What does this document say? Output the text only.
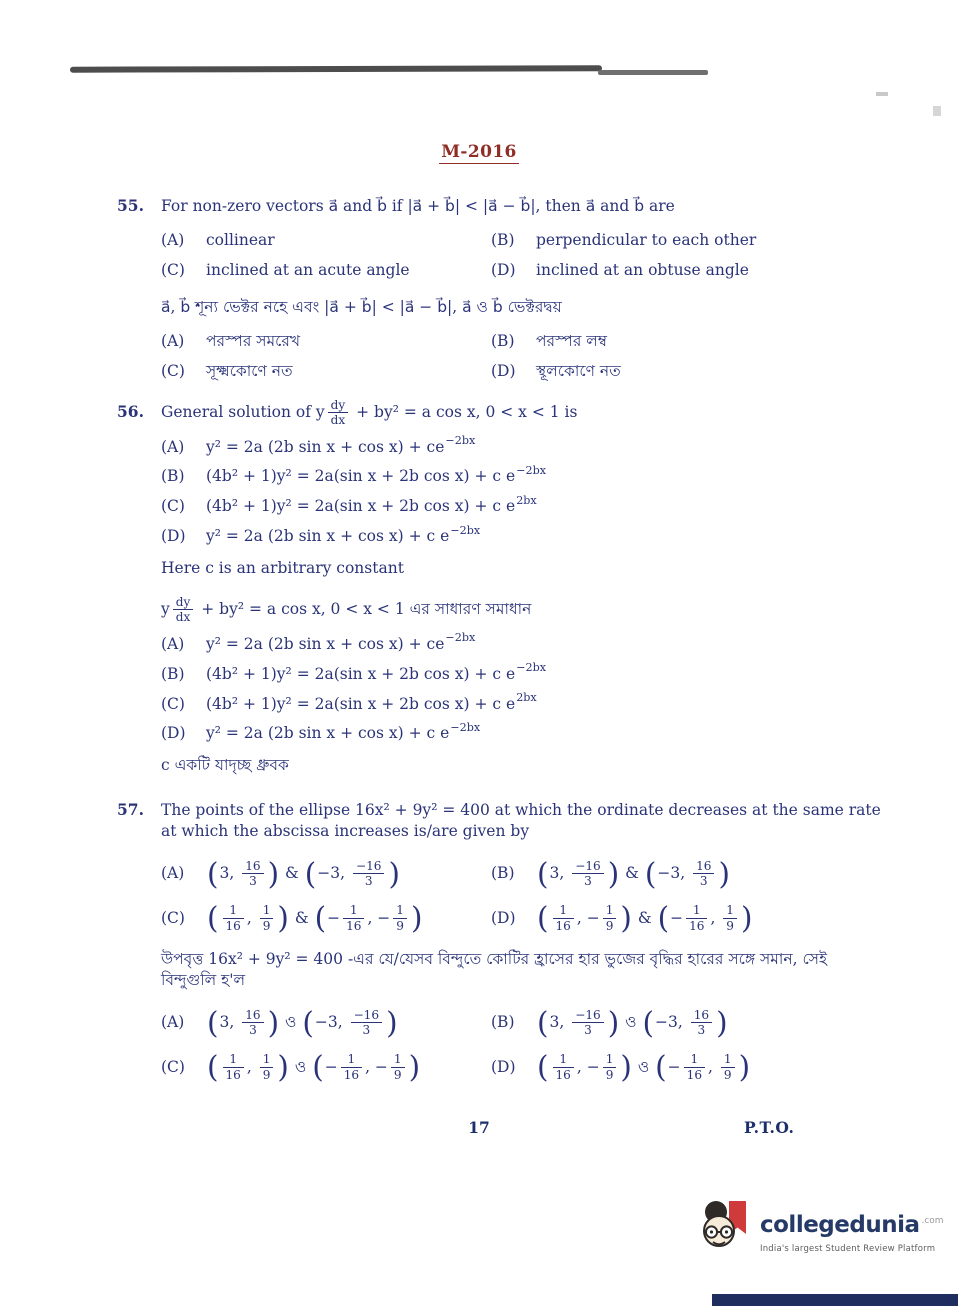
M-2016
55. For non-zero vectors a⃗ and b⃗ if |a⃗ + b⃗| < |a⃗ − b⃗|, then a⃗ and b⃗ are
(A)	collinear	(B)	perpendicular to each other
(C)	inclined at an acute angle	(D)	inclined at an obtuse angle
a⃗, b⃗ শূন্য ভেক্টর নহে এবং |a⃗ + b⃗| < |a⃗ − b⃗|, a⃗ ও b⃗ ভেক্টরদ্বয়
(A)	পরস্পর সমরেখ	(B)	পরস্পর লম্ব
(C)	সূক্ষ্মকোণে নত	(D)	স্থূলকোণে নত
56. General solution of y $\frac{dy}{dx} + by^2 = a$ cos x, 0 < x < 1 is
(A)	y² = 2a (2b sin x + cos x) + ce −2bx
(B)	(4b² + 1)y² = 2a(sin x + 2b cos x) + c e −2bx
(C)	(4b² + 1)y² = 2a(sin x + 2b cos x) + c e 2bx
(D)	y² = 2a (2b sin x + cos x) + c e −2bx
Here c is an arbitrary constant
y $\frac{dy}{dx} + by^2 = a$ cos x, 0 < x < 1 এর সাধারণ সমাধান
(A)	y² = 2a (2b sin x + cos x) + ce −2bx
(B)	(4b² + 1)y² = 2a(sin x + 2b cos x) + c e −2bx
(C)	(4b² + 1)y² = 2a(sin x + 2b cos x) + c e 2bx
(D)	y² = 2a (2b sin x + cos x) + c e −2bx
c একটি যাদৃচ্ছ ধ্রুবক
57. The points of the ellipse 16x² + 9y² = 400 at which the ordinate decreases at the same rate
at which the abscissa increases is/are given by
(A) ( 3, $\frac{16}{3}$ ) & ( −3, $\frac{-16}{3}$ )	(B) ( 3, $\frac{-16}{3}$ ) & ( −3, $\frac{16}{3}$ )
(C) ( $\frac{1}{16}$ , $\frac{1}{9}$ ) & ( − $\frac{1}{16}$ , − $\frac{1}{9}$ )	(D) ( $\frac{1}{16}$ , − $\frac{1}{9}$ ) & ( − $\frac{1}{16}$ , $\frac{1}{9}$ )
উপবৃত্ত 16x² + 9y² = 400 -এর যে/যেসব বিন্দুতে কোটির হ্রাসের হার ভুজের বৃদ্ধির হারের সঙ্গে সমান, সেই
বিন্দুগুলি হ'ল
(A) ( 3, $\frac{16}{3}$ ) ও ( −3, $\frac{-16}{3}$ )	(B) ( 3, $\frac{-16}{3}$ ) ও ( −3, $\frac{16}{3}$ )
(C) ( $\frac{1}{16}$ , $\frac{1}{9}$ ) ও ( − $\frac{1}{16}$ , − $\frac{1}{9}$ )	(D) ( $\frac{1}{16}$ , − $\frac{1}{9}$ ) ও ( − $\frac{1}{16}$ , $\frac{1}{9}$ )
17	P.T.O.
collegedunia .com
India's largest Student Review Platform
